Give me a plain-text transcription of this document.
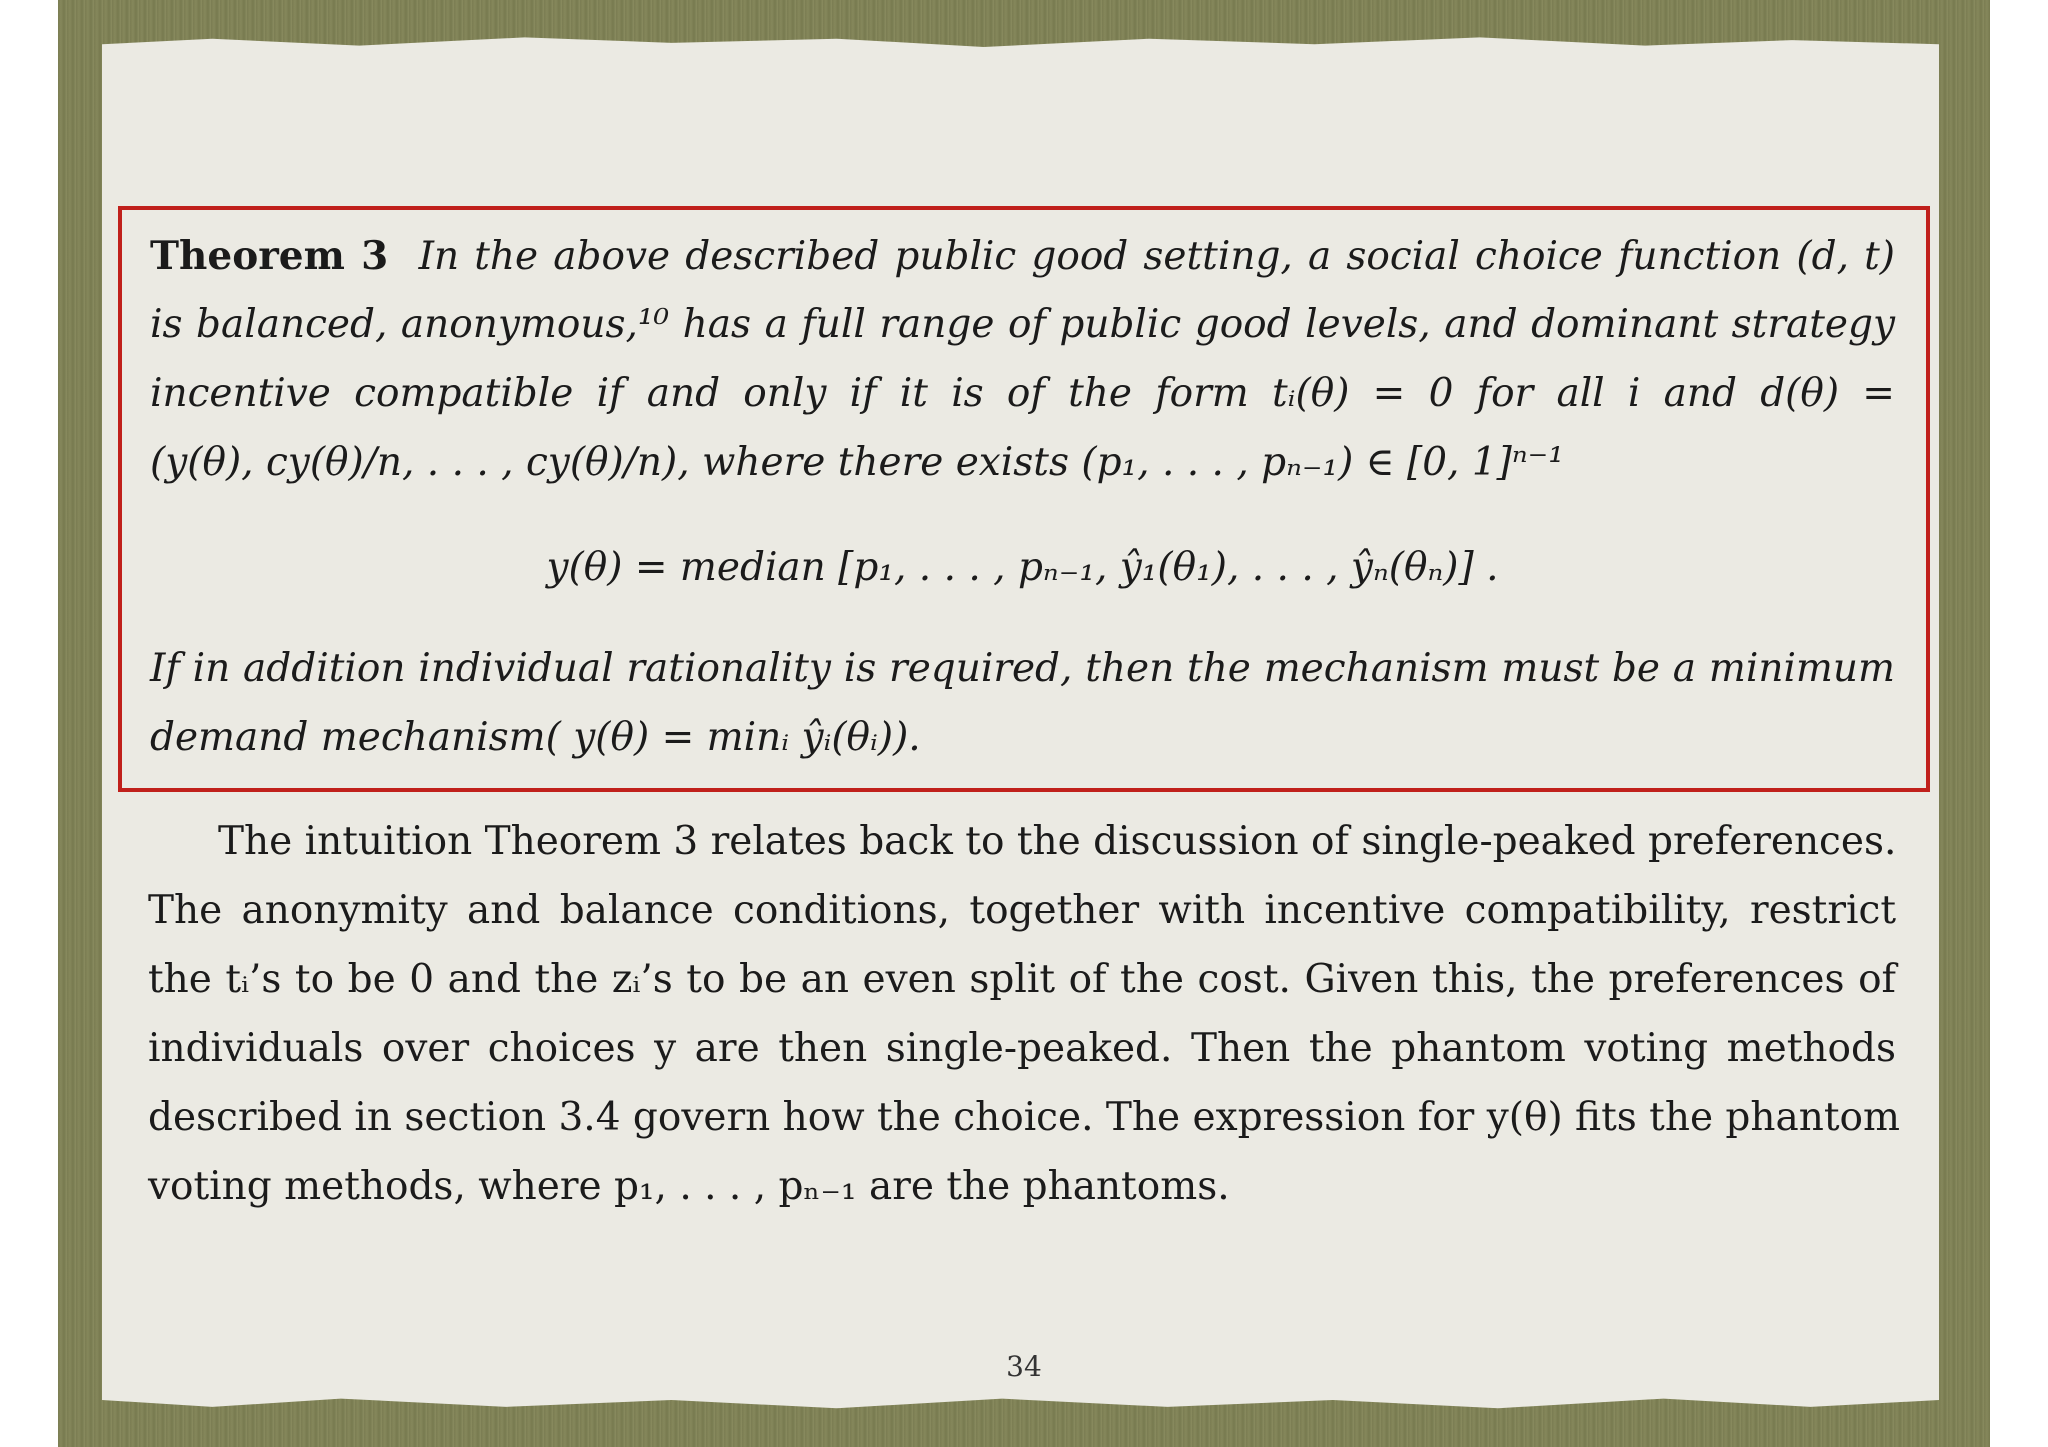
Theorem 3 In the above described public good setting, a social choice function (d, t)
is balanced, anonymous,¹⁰ has a full range of public good levels, and dominant strategy
incentive compatible if and only if it is of the form tᵢ(θ) = 0 for all i and d(θ) =
(y(θ), cy(θ)/n, . . . , cy(θ)/n), where there exists (p₁, . . . , pₙ₋₁) ∈ [0, 1]ⁿ⁻¹
y(θ) = median [p₁, . . . , pₙ₋₁, ŷ₁(θ₁), . . . , ŷₙ(θₙ)] .
If in addition individual rationality is required, then the mechanism must be a minimum
demand mechanism( y(θ) = minᵢ ŷᵢ(θᵢ)).
The intuition Theorem 3 relates back to the discussion of single-peaked preferences.
The anonymity and balance conditions, together with incentive compatibility, restrict
the tᵢ’s to be 0 and the zᵢ’s to be an even split of the cost. Given this, the preferences of
individuals over choices y are then single-peaked. Then the phantom voting methods
described in section 3.4 govern how the choice. The expression for y(θ) fits the phantom
voting methods, where p₁, . . . , pₙ₋₁ are the phantoms.
34
